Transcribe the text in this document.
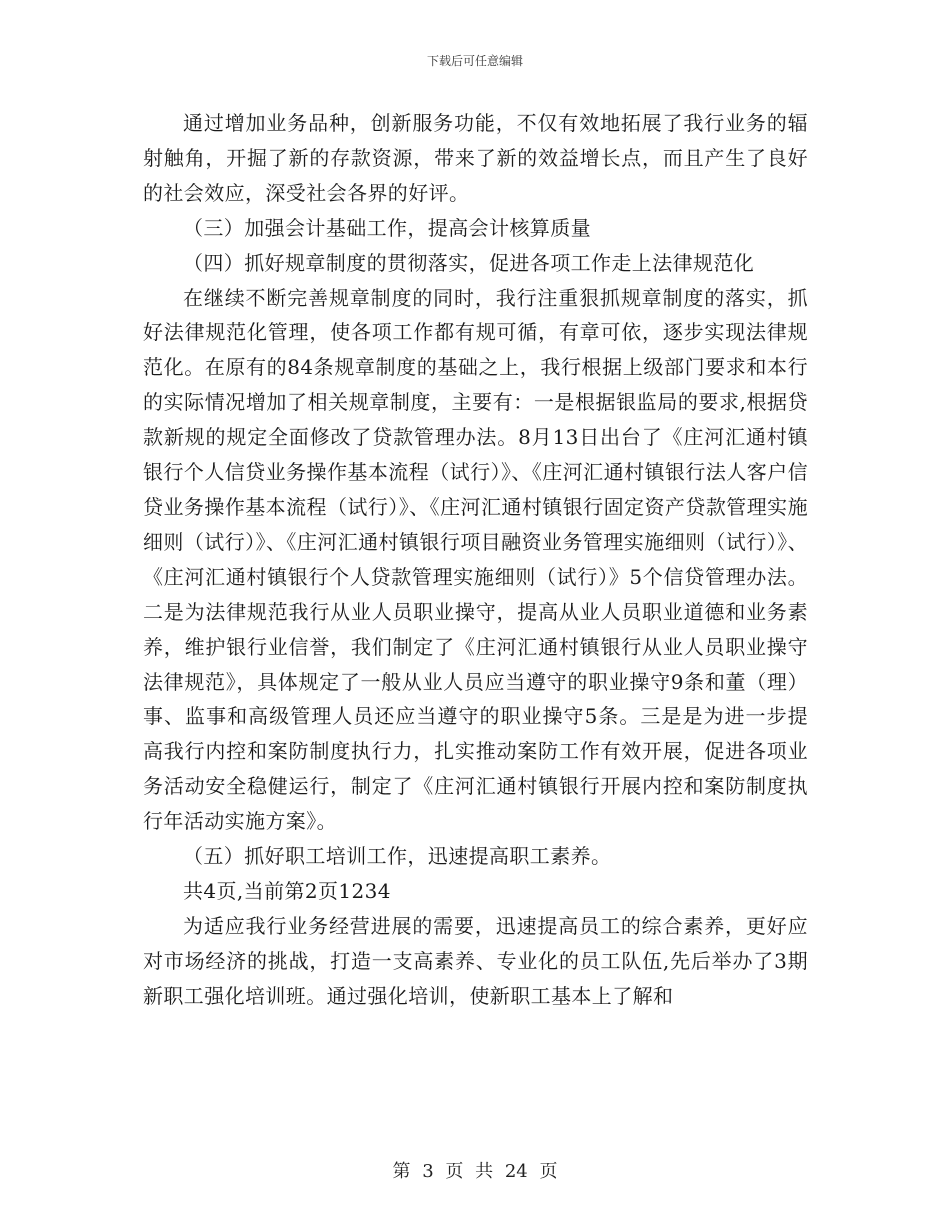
下载后可任意编辑

通过增加业务品种，创新服务功能，不仅有效地拓展了我行业务的辐射触角，开掘了新的存款资源，带来了新的效益增长点，而且产生了良好的社会效应，深受社会各界的好评。

（三）加强会计基础工作，提高会计核算质量

（四）抓好规章制度的贯彻落实，促进各项工作走上法律规范化

在继续不断完善规章制度的同时，我行注重狠抓规章制度的落实，抓好法律规范化管理，使各项工作都有规可循，有章可依，逐步实现法律规范化。在原有的84条规章制度的基础之上，我行根据上级部门要求和本行的实际情况增加了相关规章制度，主要有：一是根据银监局的要求,根据贷款新规的规定全面修改了贷款管理办法。8月13日出台了《庄河汇通村镇银行个人信贷业务操作基本流程（试行）》、《庄河汇通村镇银行法人客户信贷业务操作基本流程（试行）》、《庄河汇通村镇银行固定资产贷款管理实施细则（试行）》、《庄河汇通村镇银行项目融资业务管理实施细则（试行）》、《庄河汇通村镇银行个人贷款管理实施细则（试行）》5个信贷管理办法。二是为法律规范我行从业人员职业操守，提高从业人员职业道德和业务素养，维护银行业信誉，我们制定了《庄河汇通村镇银行从业人员职业操守法律规范》，具体规定了一般从业人员应当遵守的职业操守9条和董（理）事、监事和高级管理人员还应当遵守的职业操守5条。三是是为进一步提高我行内控和案防制度执行力，扎实推动案防工作有效开展，促进各项业务活动安全稳健运行，制定了《庄河汇通村镇银行开展内控和案防制度执行年活动实施方案》。

（五）抓好职工培训工作，迅速提高职工素养。

共4页,当前第2页1234

为适应我行业务经营进展的需要，迅速提高员工的综合素养，更好应对市场经济的挑战，打造一支高素养、专业化的员工队伍,先后举办了3期新职工强化培训班。通过强化培训，使新职工基本上了解和

第 3 页 共 24 页
